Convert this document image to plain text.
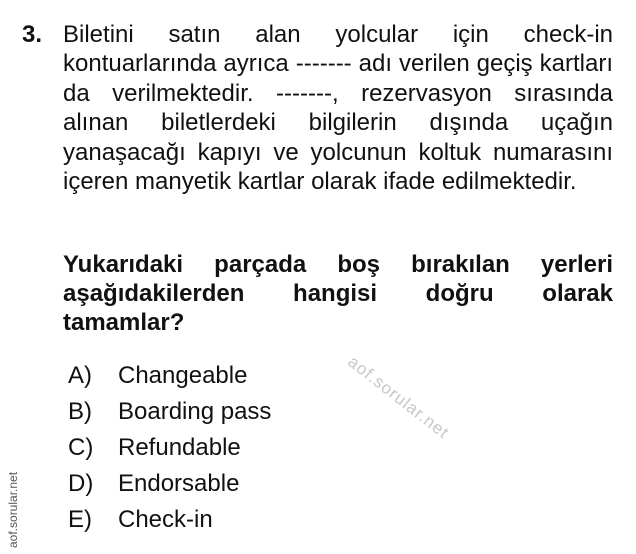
3. Biletini satın alan yolcular için check-in kontuarlarında ayrıca ------- adı verilen geçiş kartları da verilmektedir. -------, rezervasyon sırasında alınan biletlerdeki bilgilerin dışında uçağın yanaşacağı kapıyı ve yolcunun koltuk numarasını içeren manyetik kartlar olarak ifade edilmektedir.
Yukarıdaki parçada boş bırakılan yerleri aşağıdakilerden hangisi doğru olarak tamamlar?
A)	Changeable
B)	Boarding pass
C)	Refundable
D)	Endorsable
E)	Check-in
aof.sorular.net
aof.sorular.net
